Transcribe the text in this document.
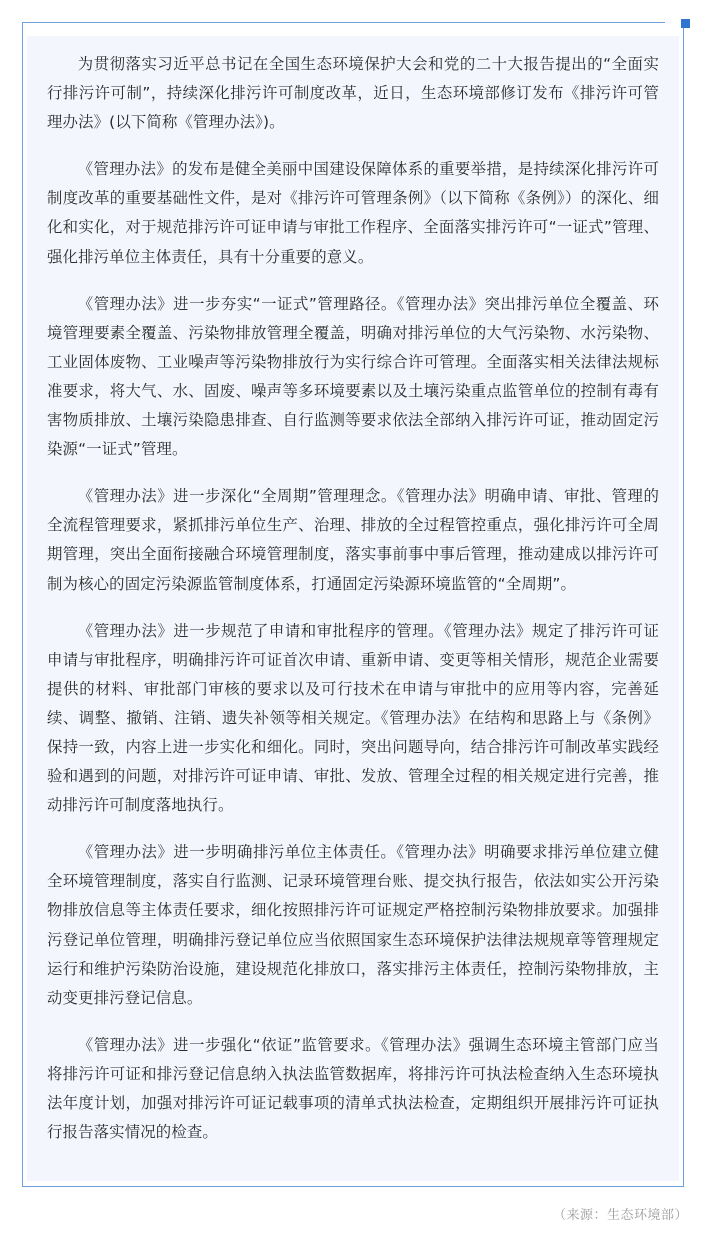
为贯彻落实习近平总书记在全国生态环境保护大会和党的二十大报告提出的“全面实行排污许可制”，持续深化排污许可制度改革，近日，生态环境部修订发布《排污许可管理办法》(以下简称《管理办法》)。

《管理办法》的发布是健全美丽中国建设保障体系的重要举措，是持续深化排污许可制度改革的重要基础性文件，是对《排污许可管理条例》（以下简称《条例》）的深化、细化和实化，对于规范排污许可证申请与审批工作程序、全面落实排污许可“一证式”管理、强化排污单位主体责任，具有十分重要的意义。

《管理办法》进一步夯实“一证式”管理路径。《管理办法》突出排污单位全覆盖、环境管理要素全覆盖、污染物排放管理全覆盖，明确对排污单位的大气污染物、水污染物、工业固体废物、工业噪声等污染物排放行为实行综合许可管理。全面落实相关法律法规标准要求，将大气、水、固废、噪声等多环境要素以及土壤污染重点监管单位的控制有毒有害物质排放、土壤污染隐患排查、自行监测等要求依法全部纳入排污许可证，推动固定污染源“一证式”管理。

《管理办法》进一步深化“全周期”管理理念。《管理办法》明确申请、审批、管理的全流程管理要求，紧抓排污单位生产、治理、排放的全过程管控重点，强化排污许可全周期管理，突出全面衔接融合环境管理制度，落实事前事中事后管理，推动建成以排污许可制为核心的固定污染源监管制度体系，打通固定污染源环境监管的“全周期”。

《管理办法》进一步规范了申请和审批程序的管理。《管理办法》规定了排污许可证申请与审批程序，明确排污许可证首次申请、重新申请、变更等相关情形，规范企业需要提供的材料、审批部门审核的要求以及可行技术在申请与审批中的应用等内容，完善延续、调整、撤销、注销、遗失补领等相关规定。《管理办法》在结构和思路上与《条例》保持一致，内容上进一步实化和细化。同时，突出问题导向，结合排污许可制改革实践经验和遇到的问题，对排污许可证申请、审批、发放、管理全过程的相关规定进行完善，推动排污许可制度落地执行。

《管理办法》进一步明确排污单位主体责任。《管理办法》明确要求排污单位建立健全环境管理制度，落实自行监测、记录环境管理台账、提交执行报告，依法如实公开污染物排放信息等主体责任要求，细化按照排污许可证规定严格控制污染物排放要求。加强排污登记单位管理，明确排污登记单位应当依照国家生态环境保护法律法规规章等管理规定运行和维护污染防治设施，建设规范化排放口，落实排污主体责任，控制污染物排放，主动变更排污登记信息。

《管理办法》进一步强化“依证”监管要求。《管理办法》强调生态环境主管部门应当将排污许可证和排污登记信息纳入执法监管数据库，将排污许可执法检查纳入生态环境执法年度计划，加强对排污许可证记载事项的清单式执法检查，定期组织开展排污许可证执行报告落实情况的检查。

（来源：生态环境部）
